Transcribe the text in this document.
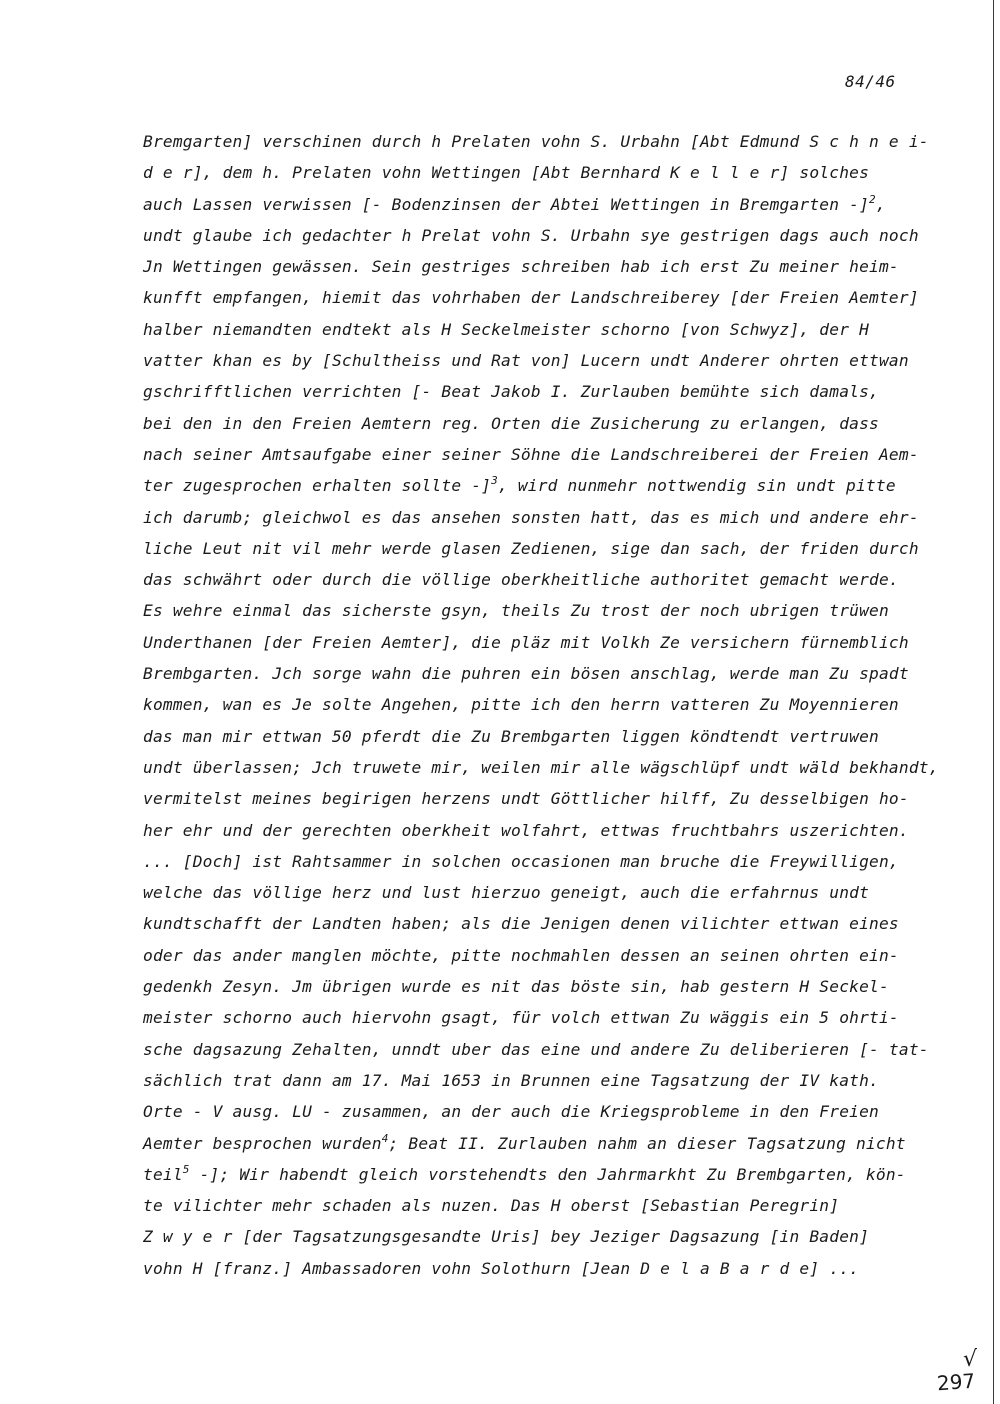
84/46
Bremgarten] verschinen durch h Prelaten vohn S. Urbahn [Abt Edmund S c h n e i-
d e r], dem h. Prelaten vohn Wettingen [Abt Bernhard K e l l e r] solches
auch Lassen verwissen [- Bodenzinsen der Abtei Wettingen in Bremgarten -]$^2$,
undt glaube ich gedachter h Prelat vohn S. Urbahn sye gestrigen dags auch noch
Jn Wettingen gewässen. Sein gestriges schreiben hab ich erst Zu meiner heim-
kunfft empfangen, hiemit das vohrhaben der Landschreiberey [der Freien Aemter]
halber niemandten endtekt als H Seckelmeister schorno [von Schwyz], der H
vatter khan es by [Schultheiss und Rat von] Lucern undt Anderer ohrten ettwan
gschrifftlichen verrichten [- Beat Jakob I. Zurlauben bemühte sich damals,
bei den in den Freien Aemtern reg. Orten die Zusicherung zu erlangen, dass
nach seiner Amtsaufgabe einer seiner Söhne die Landschreiberei der Freien Aem-
ter zugesprochen erhalten sollte -]$^3$, wird nunmehr nottwendig sin undt pitte
ich darumb; gleichwol es das ansehen sonsten hatt, das es mich und andere ehr-
liche Leut nit vil mehr werde glasen Zedienen, sige dan sach, der friden durch
das schwährt oder durch die völlige oberkheitliche authoritet gemacht werde.
Es wehre einmal das sicherste gsyn, theils Zu trost der noch ubrigen trüwen
Underthanen [der Freien Aemter], die pläz mit Volkh Ze versichern fürnemblich
Brembgarten. Jch sorge wahn die puhren ein bösen anschlag, werde man Zu spadt
kommen, wan es Je solte Angehen, pitte ich den herrn vatteren Zu Moyennieren
das man mir ettwan 50 pferdt die Zu Brembgarten liggen köndtendt vertruwen
undt überlassen; Jch truwete mir, weilen mir alle wägschlüpf undt wäld bekhandt,
vermitelst meines begirigen herzens undt Göttlicher hilff, Zu desselbigen ho-
her ehr und der gerechten oberkheit wolfahrt, ettwas fruchtbahrs uszerichten.
... [Doch] ist Rahtsammer in solchen occasionen man bruche die Freywilligen,
welche das völlige herz und lust hierzuo geneigt, auch die erfahrnus undt
kundtschafft der Landten haben; als die Jenigen denen vilichter ettwan eines
oder das ander manglen möchte, pitte nochmahlen dessen an seinen ohrten ein-
gedenkh Zesyn. Jm übrigen wurde es nit das böste sin, hab gestern H Seckel-
meister schorno auch hiervohn gsagt, für volch ettwan Zu wäggis ein 5 ohrti-
sche dagsazung Zehalten, unndt uber das eine und andere Zu deliberieren [- tat-
sächlich trat dann am 17. Mai 1653 in Brunnen eine Tagsatzung der IV kath.
Orte - V ausg. LU - zusammen, an der auch die Kriegsprobleme in den Freien
Aemter besprochen wurden$^4$; Beat II. Zurlauben nahm an dieser Tagsatzung nicht
teil$^5$ -]; Wir habendt gleich vorstehendts den Jahrmarkht Zu Brembgarten, kön-
te vilichter mehr schaden als nuzen. Das H oberst [Sebastian Peregrin]
Z w y e r [der Tagsatzungsgesandte Uris] bey Jeziger Dagsazung [in Baden]
vohn H [franz.] Ambassadoren vohn Solothurn [Jean D e l a B a r d e] ...
√
297
